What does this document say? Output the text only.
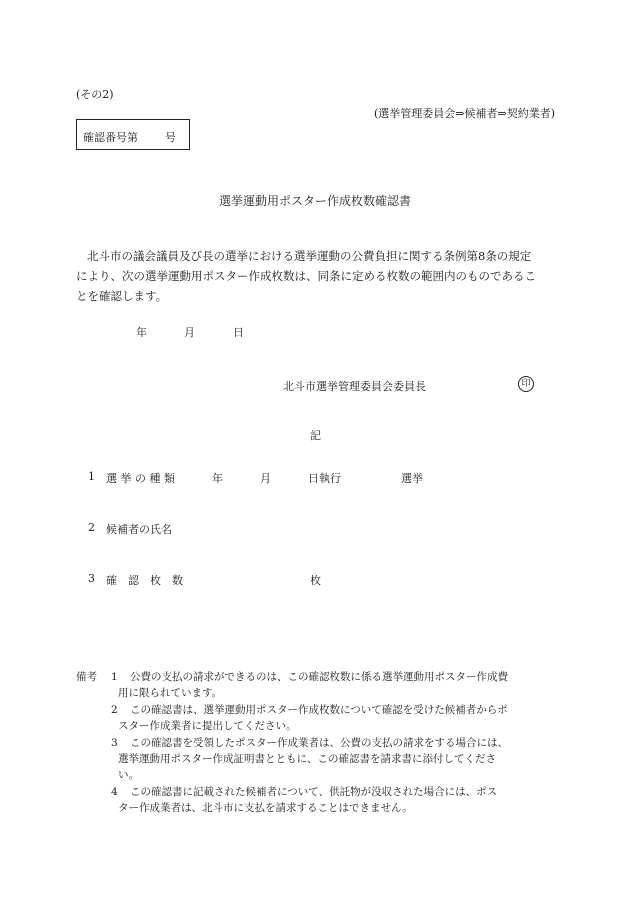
(その2)
(選挙管理委員会⇒候補者⇒契約業者)
確認番号第 号
選挙運動用ポスター作成枚数確認書

北斗市の議会議員及び長の選挙における選挙運動の公費負担に関する条例第8条の規定

により、次の選挙運動用ポスター作成枚数は、同条に定める枚数の範囲内のものであるこ

とを確認します。

年	月	日
北斗市選挙管理委員会委員長	印
記
1 選 挙 の 種 類	年	月	日執行	選挙
2 候補者の氏名
3 確　認　枚　数	枚
備考 1 公費の支払の請求ができるのは、この確認枚数に係る選挙運動用ポスター作成費
用に限られています。
2 この確認書は、選挙運動用ポスター作成枚数について確認を受けた候補者からポ
スター作成業者に提出してください。
3 この確認書を受領したポスター作成業者は、公費の支払の請求をする場合には、
選挙運動用ポスター作成証明書とともに、この確認書を請求書に添付してくださ
い。
4 この確認書に記載された候補者について、供託物が没収された場合には、ポス
ター作成業者は、北斗市に支払を請求することはできません。
